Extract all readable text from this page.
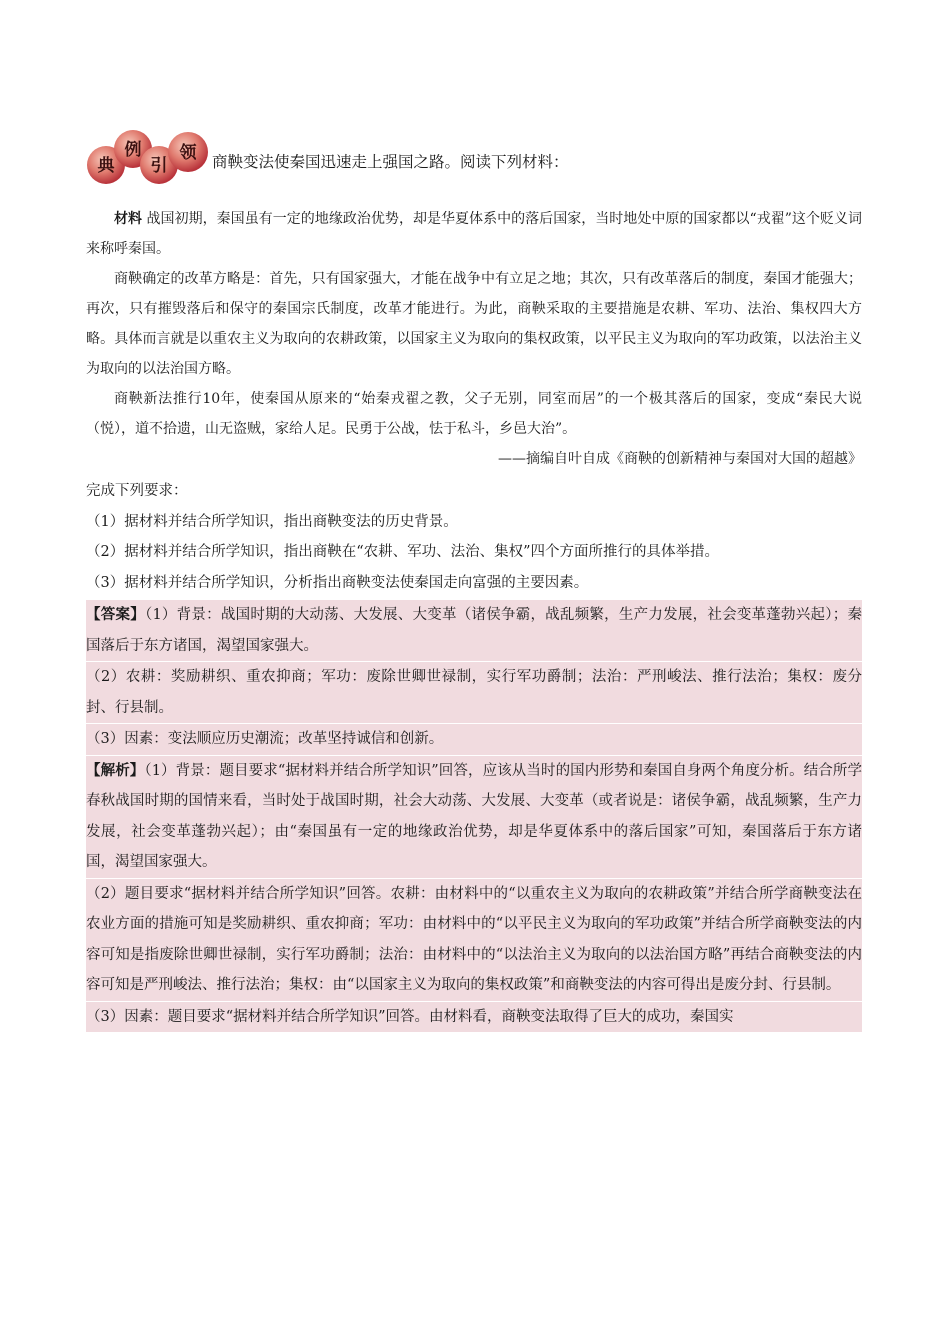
典
例
引
领 商鞅变法使秦国迅速走上强国之路。阅读下列材料：

材料 战国初期，秦国虽有一定的地缘政治优势，却是华夏体系中的落后国家，当时地处中原的国家都以“戎翟”这个贬义词来称呼秦国。

商鞅确定的改革方略是：首先，只有国家强大，才能在战争中有立足之地；其次，只有改革落后的制度，秦国才能强大；再次，只有摧毁落后和保守的秦国宗氏制度，改革才能进行。为此，商鞅采取的主要措施是农耕、军功、法治、集权四大方略。具体而言就是以重农主义为取向的农耕政策，以国家主义为取向的集权政策，以平民主义为取向的军功政策，以法治主义为取向的以法治国方略。

商鞅新法推行10年，使秦国从原来的“始秦戎翟之教，父子无别，同室而居”的一个极其落后的国家，变成“秦民大说（悦），道不拾遗，山无盗贼，家给人足。民勇于公战，怯于私斗，乡邑大治”。

——摘编自叶自成《商鞅的创新精神与秦国对大国的超越》
完成下列要求：
（1）据材料并结合所学知识，指出商鞅变法的历史背景。
（2）据材料并结合所学知识，指出商鞅在“农耕、军功、法治、集权”四个方面所推行的具体举措。
（3）据材料并结合所学知识，分析指出商鞅变法使秦国走向富强的主要因素。

【答案】（1）背景：战国时期的大动荡、大发展、大变革（诸侯争霸，战乱频繁，生产力发展，社会变革蓬勃兴起）；秦国落后于东方诸国，渴望国家强大。

（2）农耕：奖励耕织、重农抑商；军功：废除世卿世禄制，实行军功爵制；法治：严刑峻法、推行法治；集权：废分封、行县制。

（3）因素：变法顺应历史潮流；改革坚持诚信和创新。

【解析】（1）背景：题目要求“据材料并结合所学知识”回答，应该从当时的国内形势和秦国自身两个角度分析。结合所学春秋战国时期的国情来看，当时处于战国时期，社会大动荡、大发展、大变革（或者说是：诸侯争霸，战乱频繁，生产力发展，社会变革蓬勃兴起）；由“秦国虽有一定的地缘政治优势，却是华夏体系中的落后国家”可知，秦国落后于东方诸国，渴望国家强大。

（2）题目要求“据材料并结合所学知识”回答。农耕：由材料中的“以重农主义为取向的农耕政策”并结合所学商鞅变法在农业方面的措施可知是奖励耕织、重农抑商；军功：由材料中的“以平民主义为取向的军功政策”并结合所学商鞅变法的内容可知是指废除世卿世禄制，实行军功爵制；法治：由材料中的“以法治主义为取向的以法治国方略”再结合商鞅变法的内容可知是严刑峻法、推行法治；集权：由“以国家主义为取向的集权政策”和商鞅变法的内容可得出是废分封、行县制。

（3）因素：题目要求“据材料并结合所学知识”回答。由材料看，商鞅变法取得了巨大的成功，秦国实
